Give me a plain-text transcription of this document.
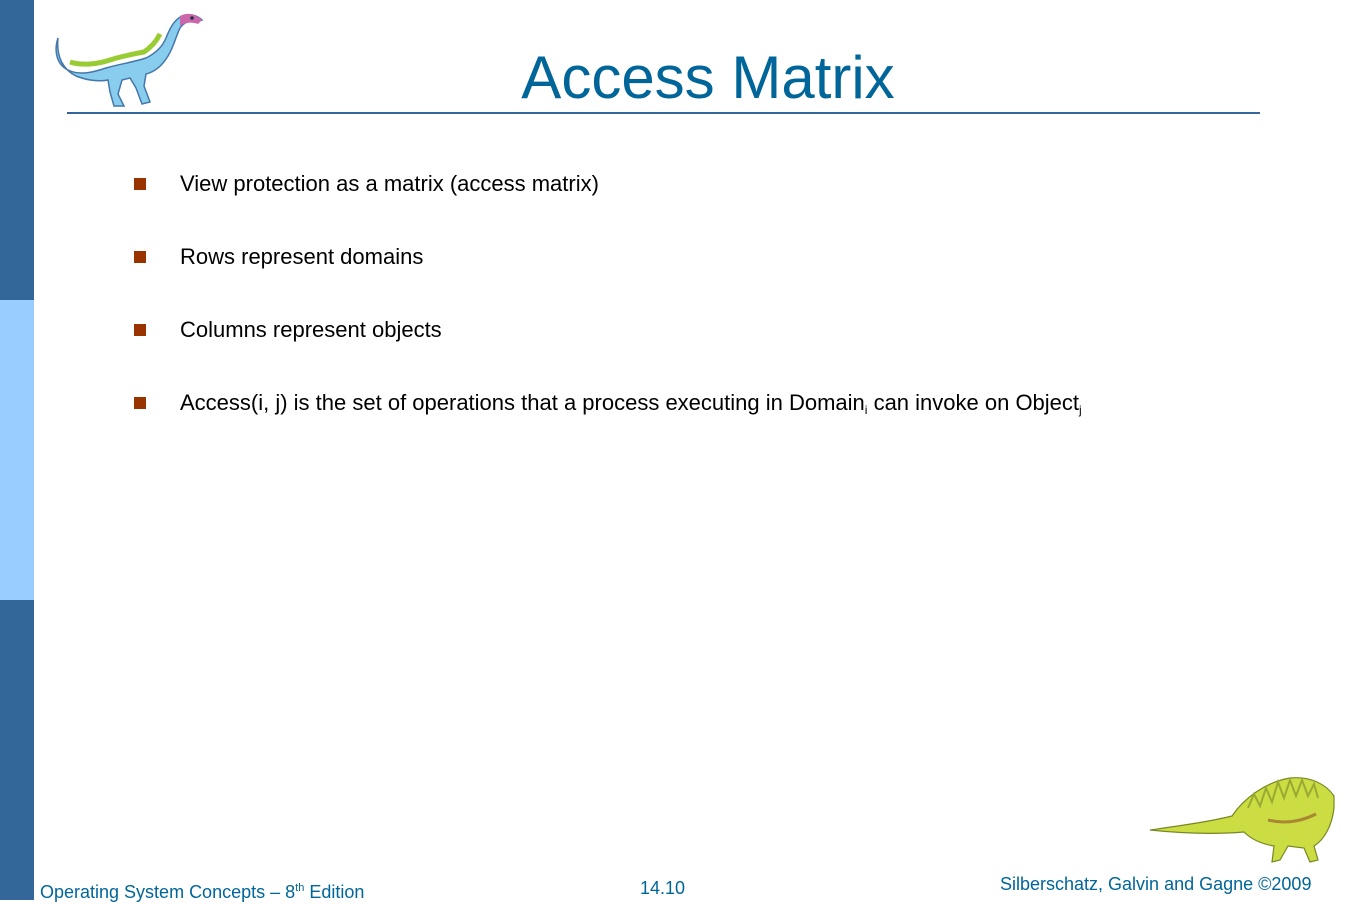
Access Matrix
View protection as a matrix (access matrix)
Rows represent domains
Columns represent objects
Access(i, j) is the set of operations that a process executing in Domain$_i$ can invoke on Object$_j$
Operating System Concepts – 8th Edition	14.10	Silberschatz, Galvin and Gagne ©2009
